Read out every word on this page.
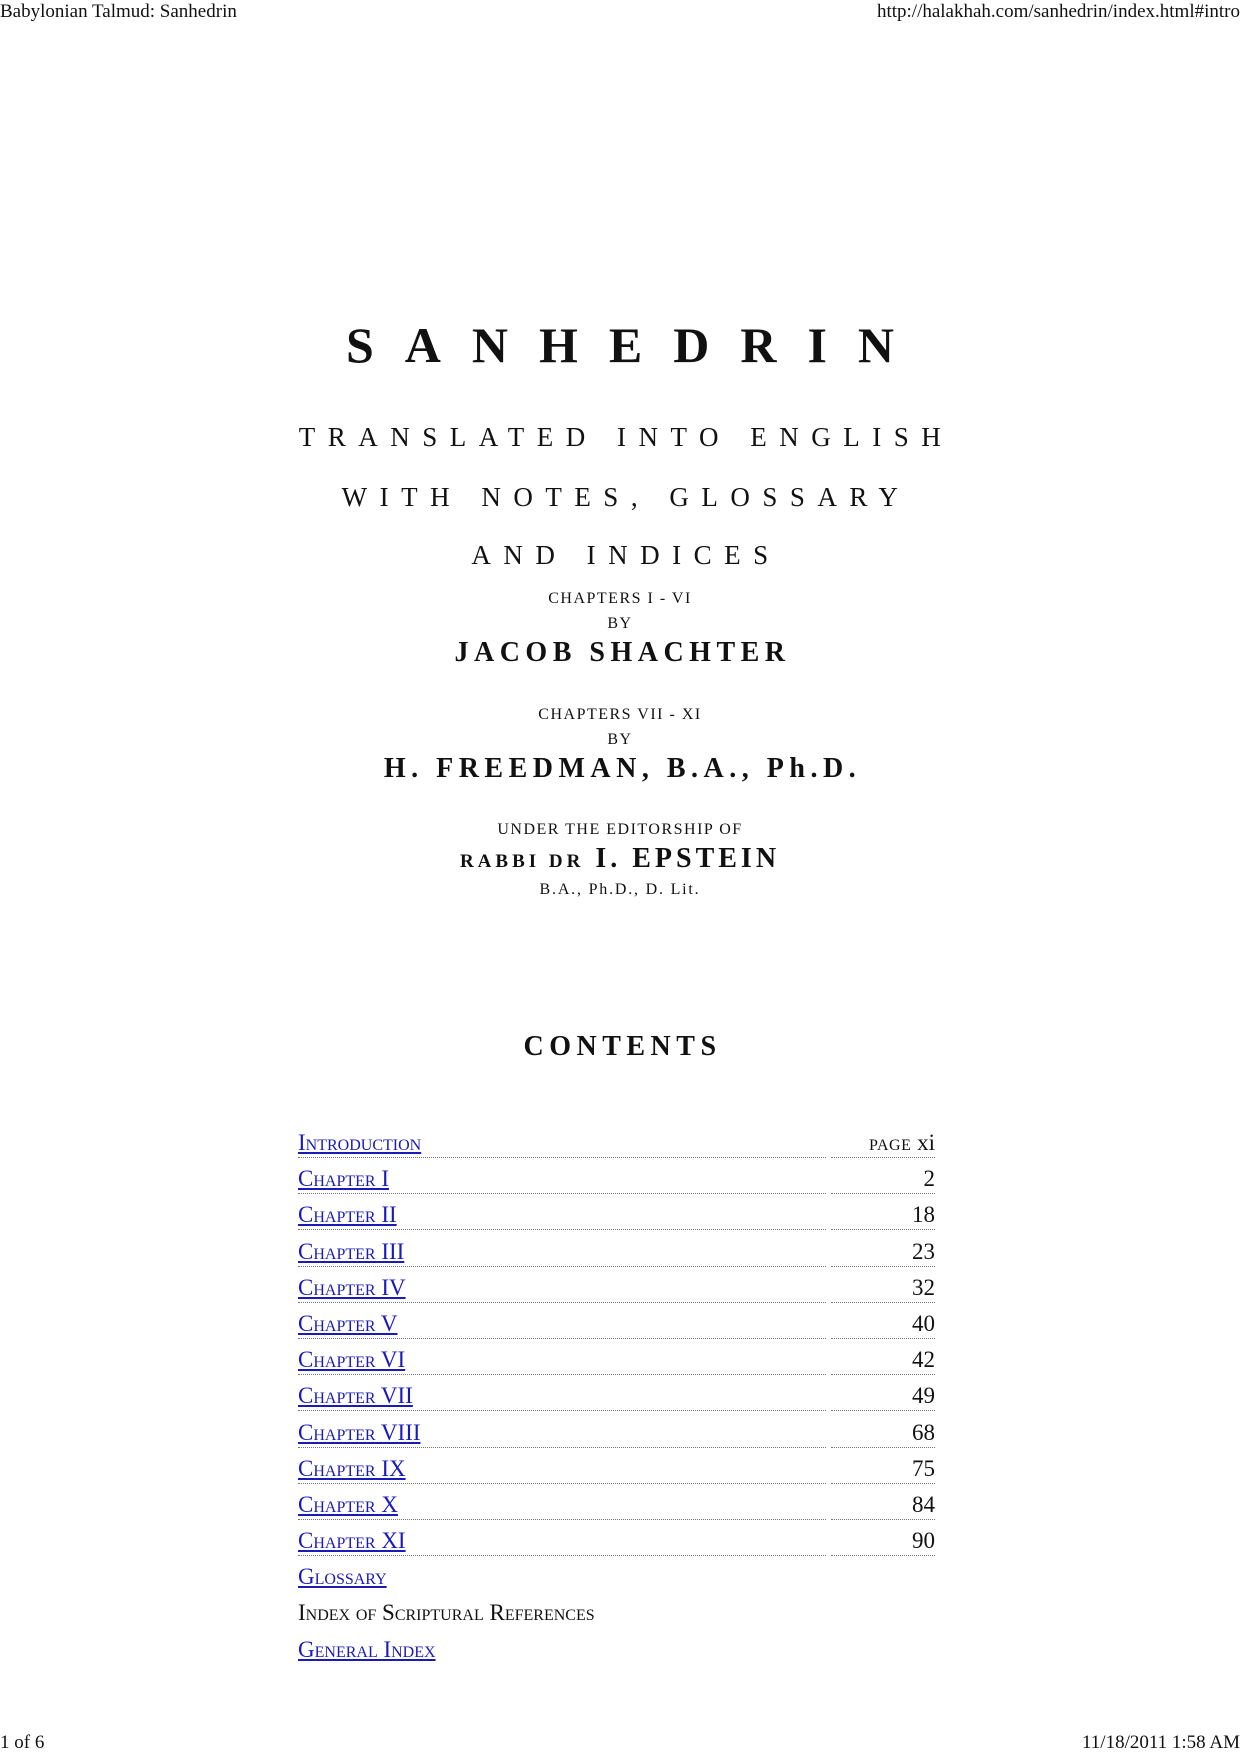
Babylonian Talmud: Sanhedrin	http://halakhah.com/sanhedrin/index.html#intro
SANHEDRIN
TRANSLATED INTO ENGLISH
WITH NOTES, GLOSSARY
AND INDICES
CHAPTERS I - VI
BY
JACOB SHACHTER
CHAPTERS VII - XI
BY
H. FREEDMAN, B.A., Ph.D.
UNDER THE EDITORSHIP OF
RABBI DR I. EPSTEIN
B.A., Ph.D., D. Lit.
CONTENTS
Introduction	page xi
Chapter I	2
Chapter II	18
Chapter III	23
Chapter IV	32
Chapter V	40
Chapter VI	42
Chapter VII	49
Chapter VIII	68
Chapter IX	75
Chapter X	84
Chapter XI	90
Glossary
Index of Scriptural References
General Index
1 of 6	11/18/2011 1:58 AM
